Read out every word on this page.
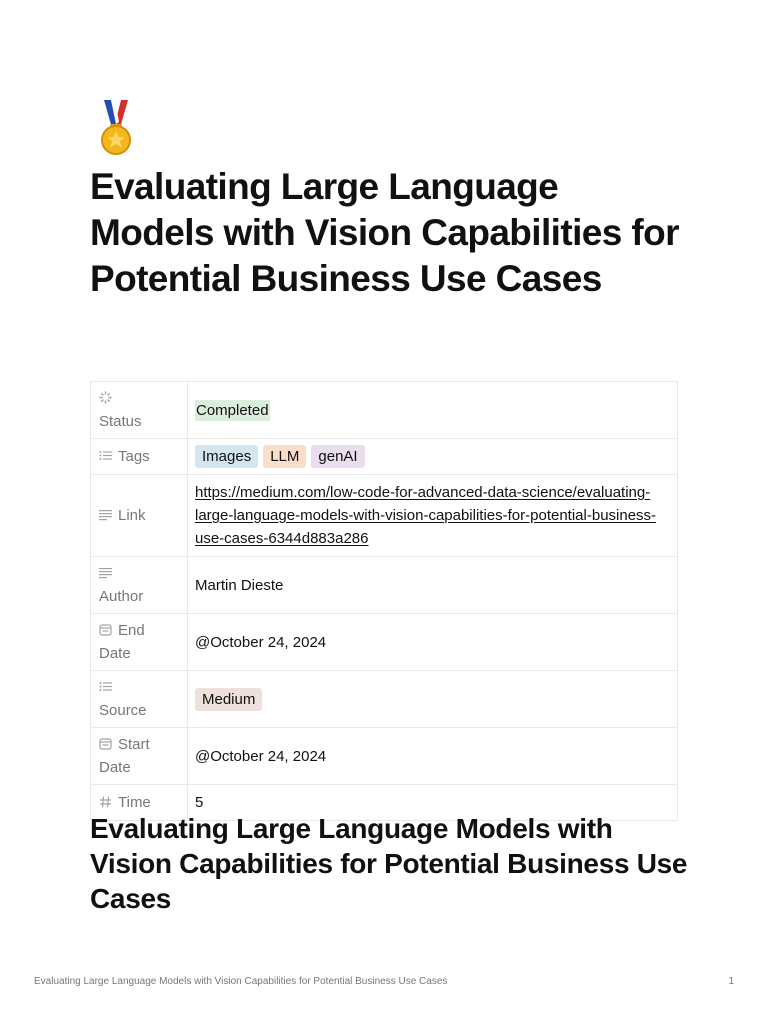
Evaluating Large Language Models with Vision Capabilities for Potential Business Use Cases

Status	Completed

Tags	Images LLM genAI

Link	https://medium.com/low-code-for-advanced-data-science/evaluating-large-language-models-with-vision-capabilities-for-potential-business-use-cases-6344d883a286

Author	Martin Dieste

End Date	@October 24, 2024

Source	Medium

Start Date	@October 24, 2024

Time	5
Evaluating Large Language Models with Vision Capabilities for Potential Business Use Cases
Evaluating Large Language Models with Vision Capabilities for Potential Business Use Cases	1
